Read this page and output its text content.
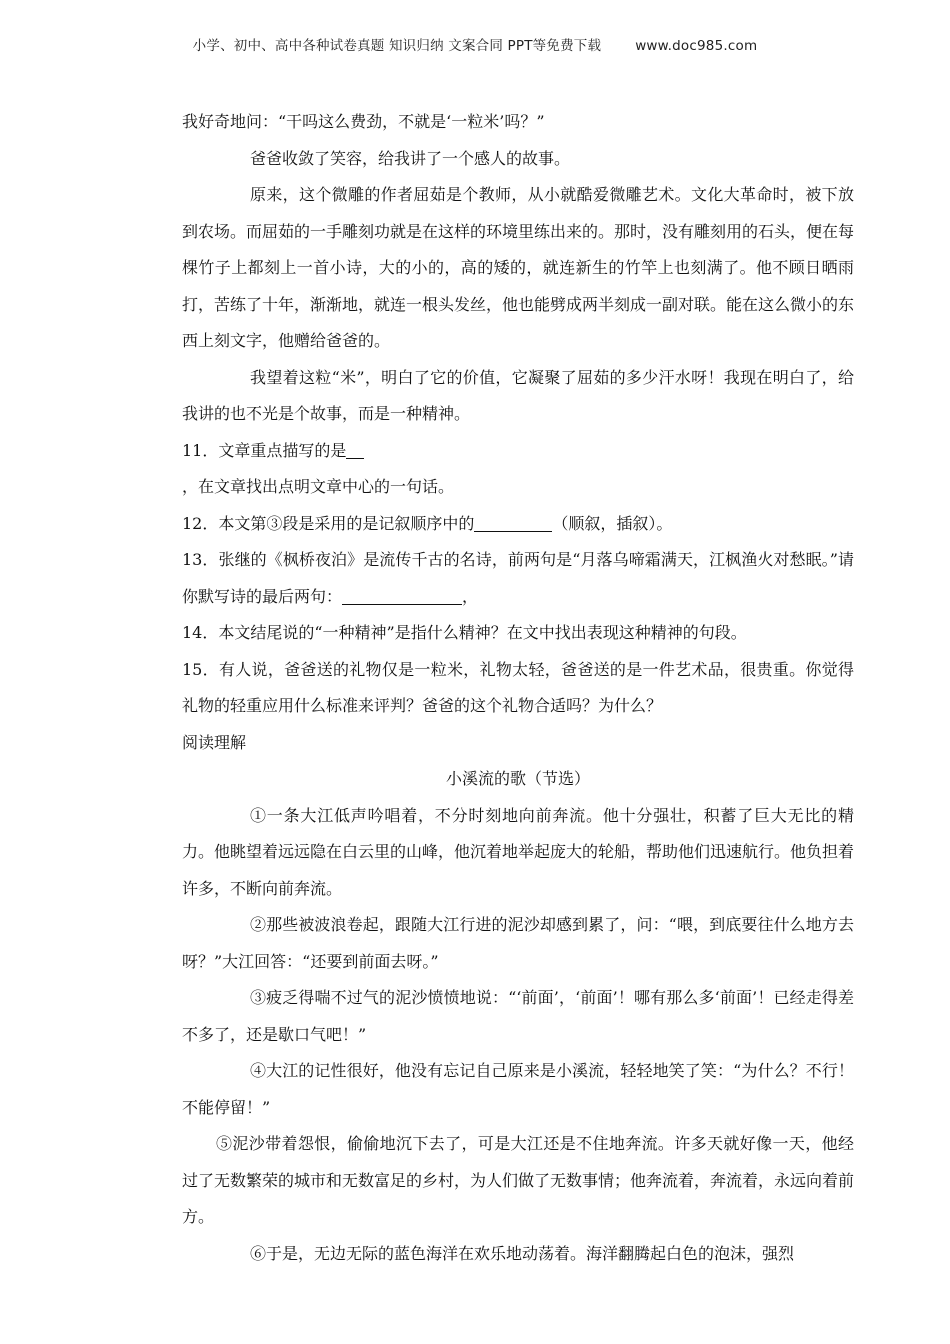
小学、初中、高中各种试卷真题 知识归纳 文案合同 PPT等免费下载	www.doc985.com

我好奇地问：“干吗这么费劲，不就是‘一粒米’吗？”

爸爸收敛了笑容，给我讲了一个感人的故事。

原来，这个微雕的作者屈茹是个教师，从小就酷爱微雕艺术。文化大革命时，被下放到农场。而屈茹的一手雕刻功就是在这样的环境里练出来的。那时，没有雕刻用的石头，便在每棵竹子上都刻上一首小诗，大的小的，高的矮的，就连新生的竹竿上也刻满了。他不顾日晒雨打，苦练了十年，渐渐地，就连一根头发丝，他也能劈成两半刻成一副对联。能在这么微小的东西上刻文字，他赠给爸爸的。

我望着这粒“米”，明白了它的价值，它凝聚了屈茹的多少汗水呀！我现在明白了，给我讲的也不光是个故事，而是一种精神。

11．文章重点描写的是

，在文章找出点明文章中心的一句话。

12．本文第③段是采用的是记叙顺序中的	（顺叙，插叙）。

13．张继的《枫桥夜泊》是流传千古的名诗，前两句是“月落乌啼霜满天，江枫渔火对愁眠。”请你默写诗的最后两句：	，

14．本文结尾说的“一种精神”是指什么精神？在文中找出表现这种精神的句段。

15．有人说，爸爸送的礼物仅是一粒米，礼物太轻，爸爸送的是一件艺术品，很贵重。你觉得礼物的轻重应用什么标准来评判？爸爸的这个礼物合适吗？为什么？

阅读理解

小溪流的歌（节选）

①一条大江低声吟唱着，不分时刻地向前奔流。他十分强壮，积蓄了巨大无比的精力。他眺望着远远隐在白云里的山峰，他沉着地举起庞大的轮船，帮助他们迅速航行。他负担着许多，不断向前奔流。

②那些被波浪卷起，跟随大江行进的泥沙却感到累了，问：“喂，到底要往什么地方去呀？”大江回答：“还要到前面去呀。”

③疲乏得喘不过气的泥沙愤愤地说：“‘前面’，‘前面’！哪有那么多‘前面’！已经走得差不多了，还是歇口气吧！”

④大江的记性很好，他没有忘记自己原来是小溪流，轻轻地笑了笑：“为什么？不行！不能停留！”

⑤泥沙带着怨恨，偷偷地沉下去了，可是大江还是不住地奔流。许多天就好像一天，他经过了无数繁荣的城市和无数富足的乡村，为人们做了无数事情；他奔流着，奔流着，永远向着前方。

⑥于是，无边无际的蓝色海洋在欢乐地动荡着。海洋翻腾起白色的泡沫，强烈
